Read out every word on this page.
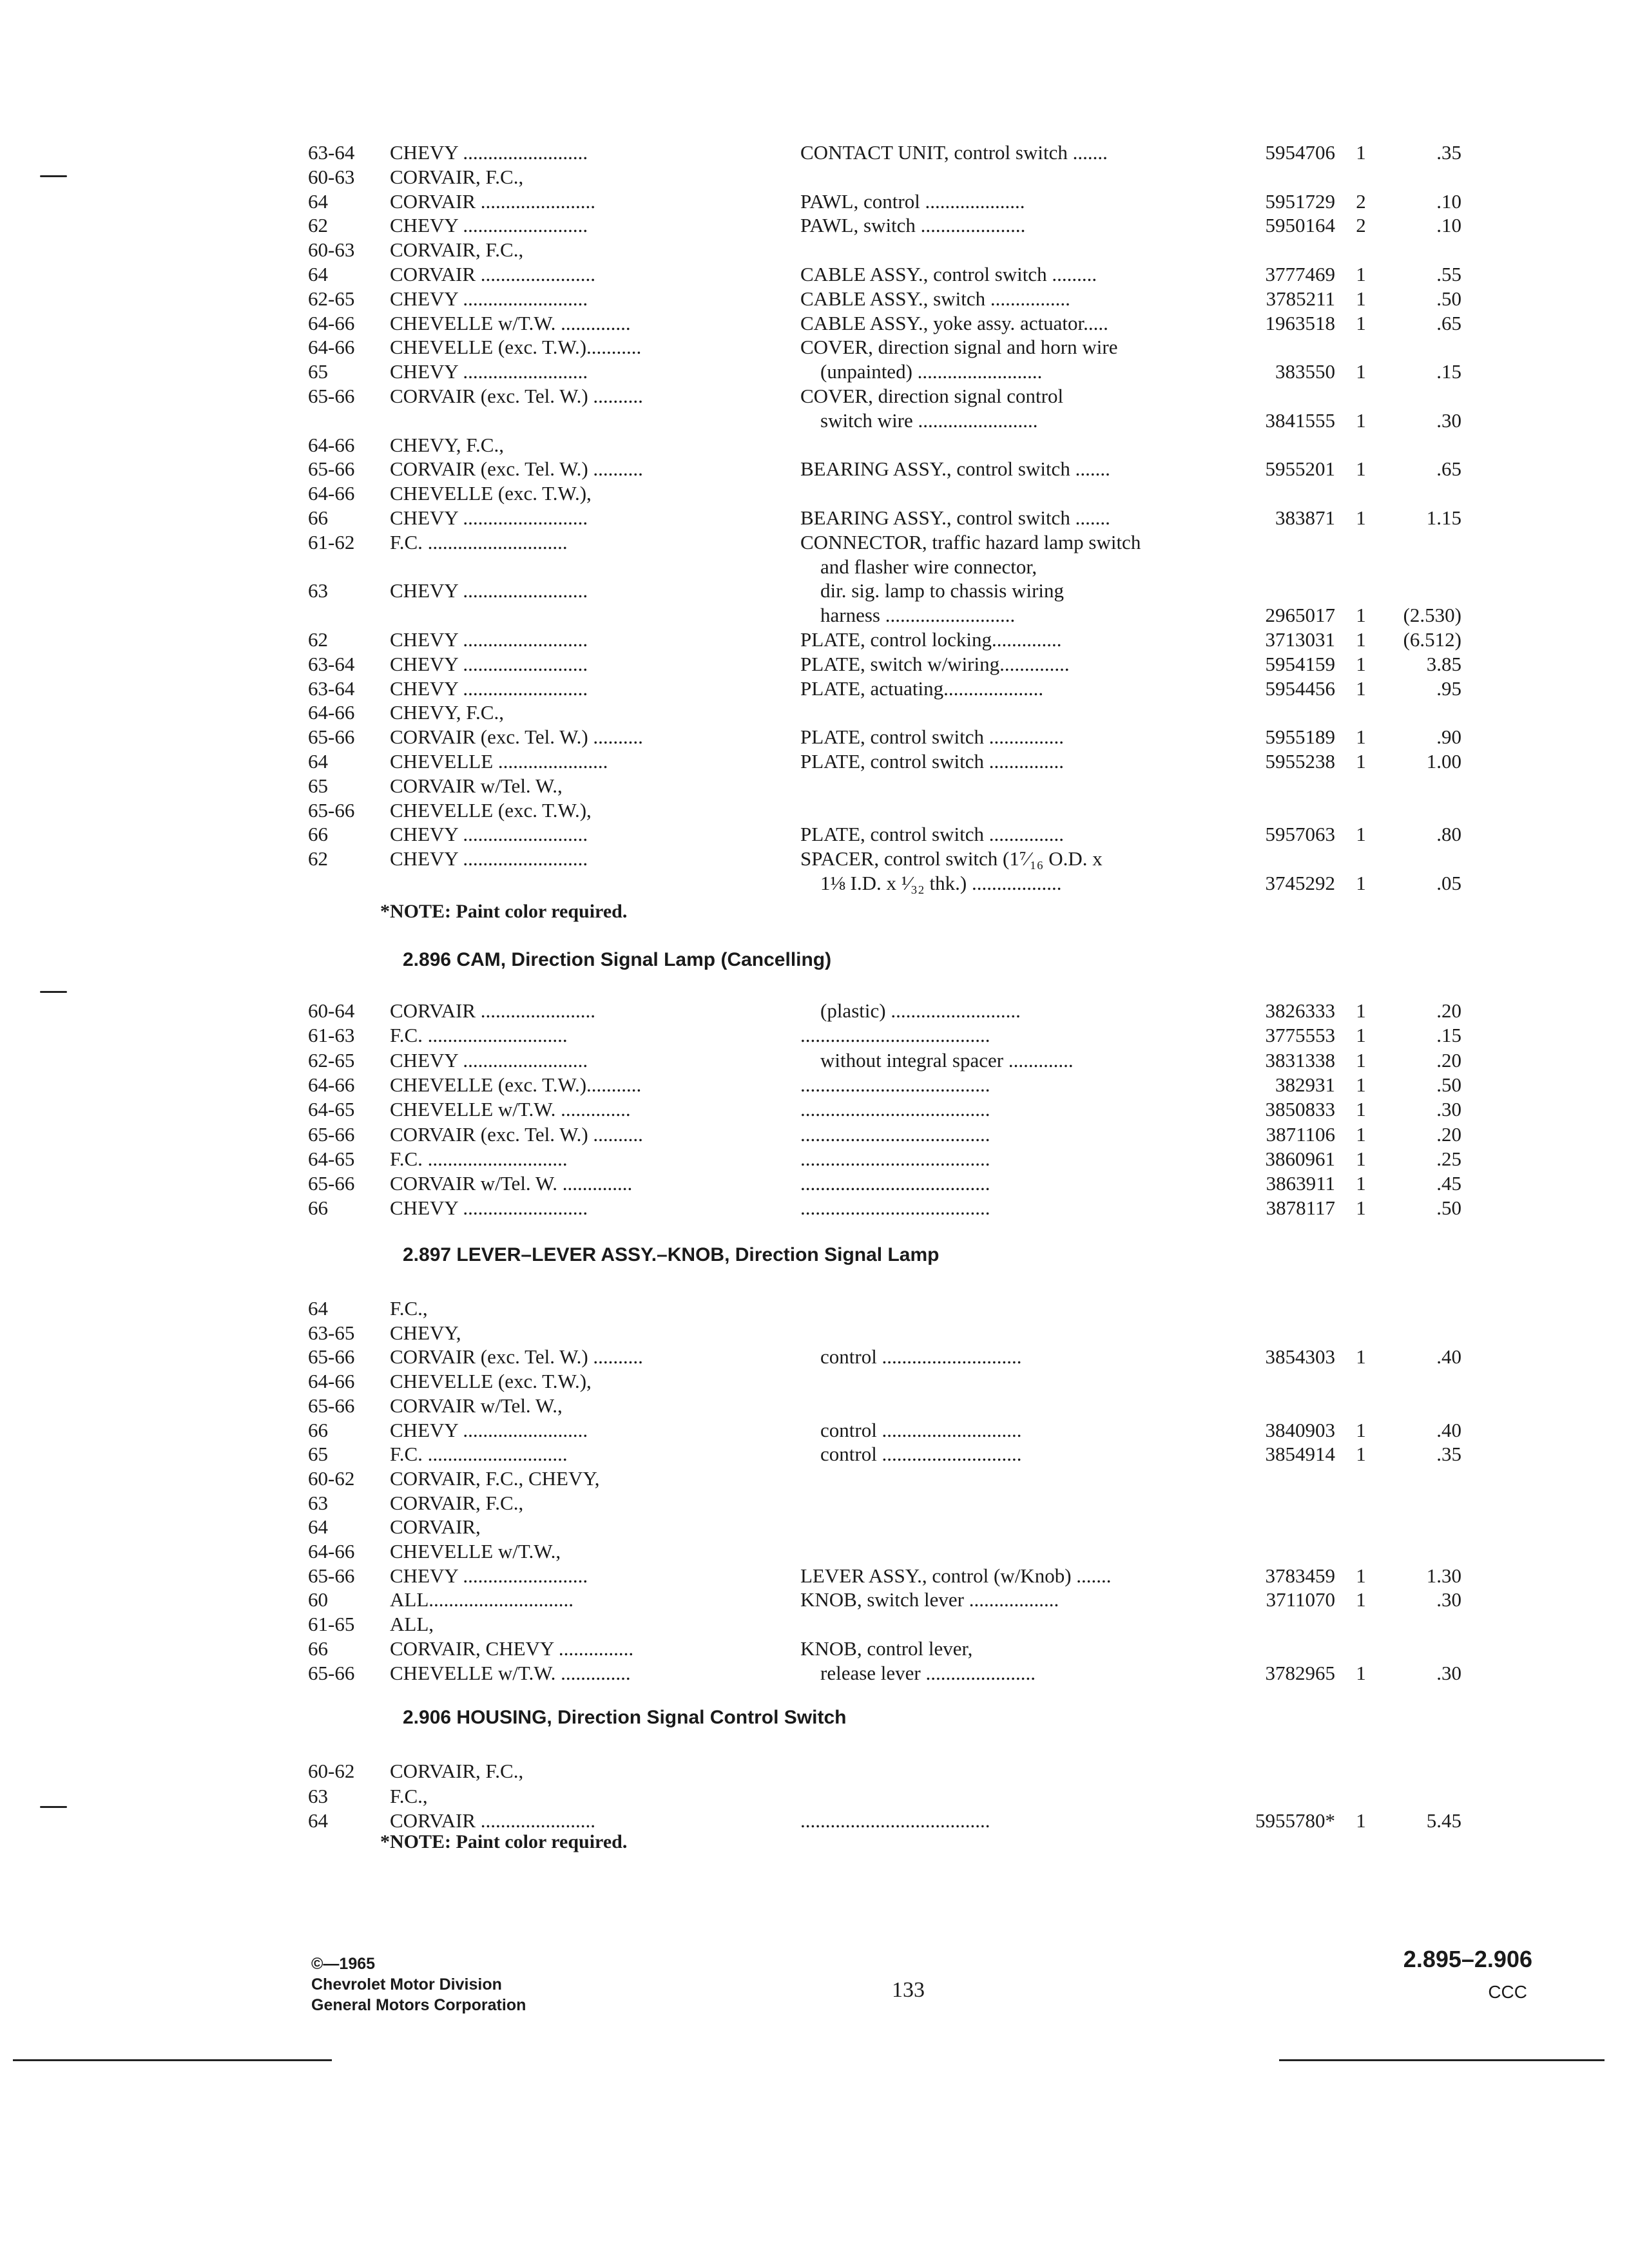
63-64	CHEVY .........................	CONTACT UNIT, control switch .......	5954706	1	.35
60-63	CORVAIR, F.C.,
64	CORVAIR .......................	PAWL, control ....................	5951729	2	.10
62	CHEVY .........................	PAWL, switch .....................	5950164	2	.10
60-63	CORVAIR, F.C.,
64	CORVAIR .......................	CABLE ASSY., control switch .........	3777469	1	.55
62-65	CHEVY .........................	CABLE ASSY., switch ................	3785211	1	.50
64-66	CHEVELLE w/T.W. ..............	CABLE ASSY., yoke assy. actuator.....	1963518	1	.65
64-66	CHEVELLE (exc. T.W.)...........	COVER, direction signal and horn wire
65	CHEVY .........................	(unpainted) .........................	383550	1	.15
65-66	CORVAIR (exc. Tel. W.) ..........	COVER, direction signal control
switch wire ........................	3841555	1	.30
64-66	CHEVY, F.C.,
65-66	CORVAIR (exc. Tel. W.) ..........	BEARING ASSY., control switch .......	5955201	1	.65
64-66	CHEVELLE (exc. T.W.),
66	CHEVY .........................	BEARING ASSY., control switch .......	383871	1	1.15
61-62	F.C. ............................	CONNECTOR, traffic hazard lamp switch
and flasher wire connector,
63	CHEVY .........................	dir. sig. lamp to chassis wiring
harness ..........................	2965017	1	(2.530)
62	CHEVY .........................	PLATE, control locking..............	3713031	1	(6.512)
63-64	CHEVY .........................	PLATE, switch w/wiring..............	5954159	1	3.85
63-64	CHEVY .........................	PLATE, actuating....................	5954456	1	.95
64-66	CHEVY, F.C.,
65-66	CORVAIR (exc. Tel. W.) ..........	PLATE, control switch ...............	5955189	1	.90
64	CHEVELLE ......................	PLATE, control switch ...............	5955238	1	1.00
65	CORVAIR w/Tel. W.,
65-66	CHEVELLE (exc. T.W.),
66	CHEVY .........................	PLATE, control switch ...............	5957063	1	.80
62	CHEVY .........................	SPACER, control switch (1⁷⁄₁₆ O.D. x
1⅛ I.D. x ¹⁄₃₂ thk.) ..................	3745292	1	.05
*NOTE: Paint color required.
2.896 CAM, Direction Signal Lamp (Cancelling)
60-64	CORVAIR .......................	(plastic) ..........................	3826333	1	.20
61-63	F.C. ............................	......................................	3775553	1	.15
62-65	CHEVY .........................	without integral spacer .............	3831338	1	.20
64-66	CHEVELLE (exc. T.W.)...........	......................................	382931	1	.50
64-65	CHEVELLE w/T.W. ..............	......................................	3850833	1	.30
65-66	CORVAIR (exc. Tel. W.) ..........	......................................	3871106	1	.20
64-65	F.C. ............................	......................................	3860961	1	.25
65-66	CORVAIR w/Tel. W. ..............	......................................	3863911	1	.45
66	CHEVY .........................	......................................	3878117	1	.50
2.897 LEVER–LEVER ASSY.–KNOB, Direction Signal Lamp
64	F.C.,
63-65	CHEVY,
65-66	CORVAIR (exc. Tel. W.) ..........	control ............................	3854303	1	.40
64-66	CHEVELLE (exc. T.W.),
65-66	CORVAIR w/Tel. W.,
66	CHEVY .........................	control ............................	3840903	1	.40
65	F.C. ............................	control ............................	3854914	1	.35
60-62	CORVAIR, F.C., CHEVY,
63	CORVAIR, F.C.,
64	CORVAIR,
64-66	CHEVELLE w/T.W.,
65-66	CHEVY .........................	LEVER ASSY., control (w/Knob) .......	3783459	1	1.30
60	ALL.............................	KNOB, switch lever ..................	3711070	1	.30
61-65	ALL,
66	CORVAIR, CHEVY ...............	KNOB, control lever,
65-66	CHEVELLE w/T.W. ..............	release lever ......................	3782965	1	.30
2.906 HOUSING, Direction Signal Control Switch
60-62	CORVAIR, F.C.,
63	F.C.,
64	CORVAIR .......................	......................................	5955780*	1	5.45
*NOTE: Paint color required.
©—1965
Chevrolet Motor Division
General Motors Corporation
133
2.895–2.906
CCC
